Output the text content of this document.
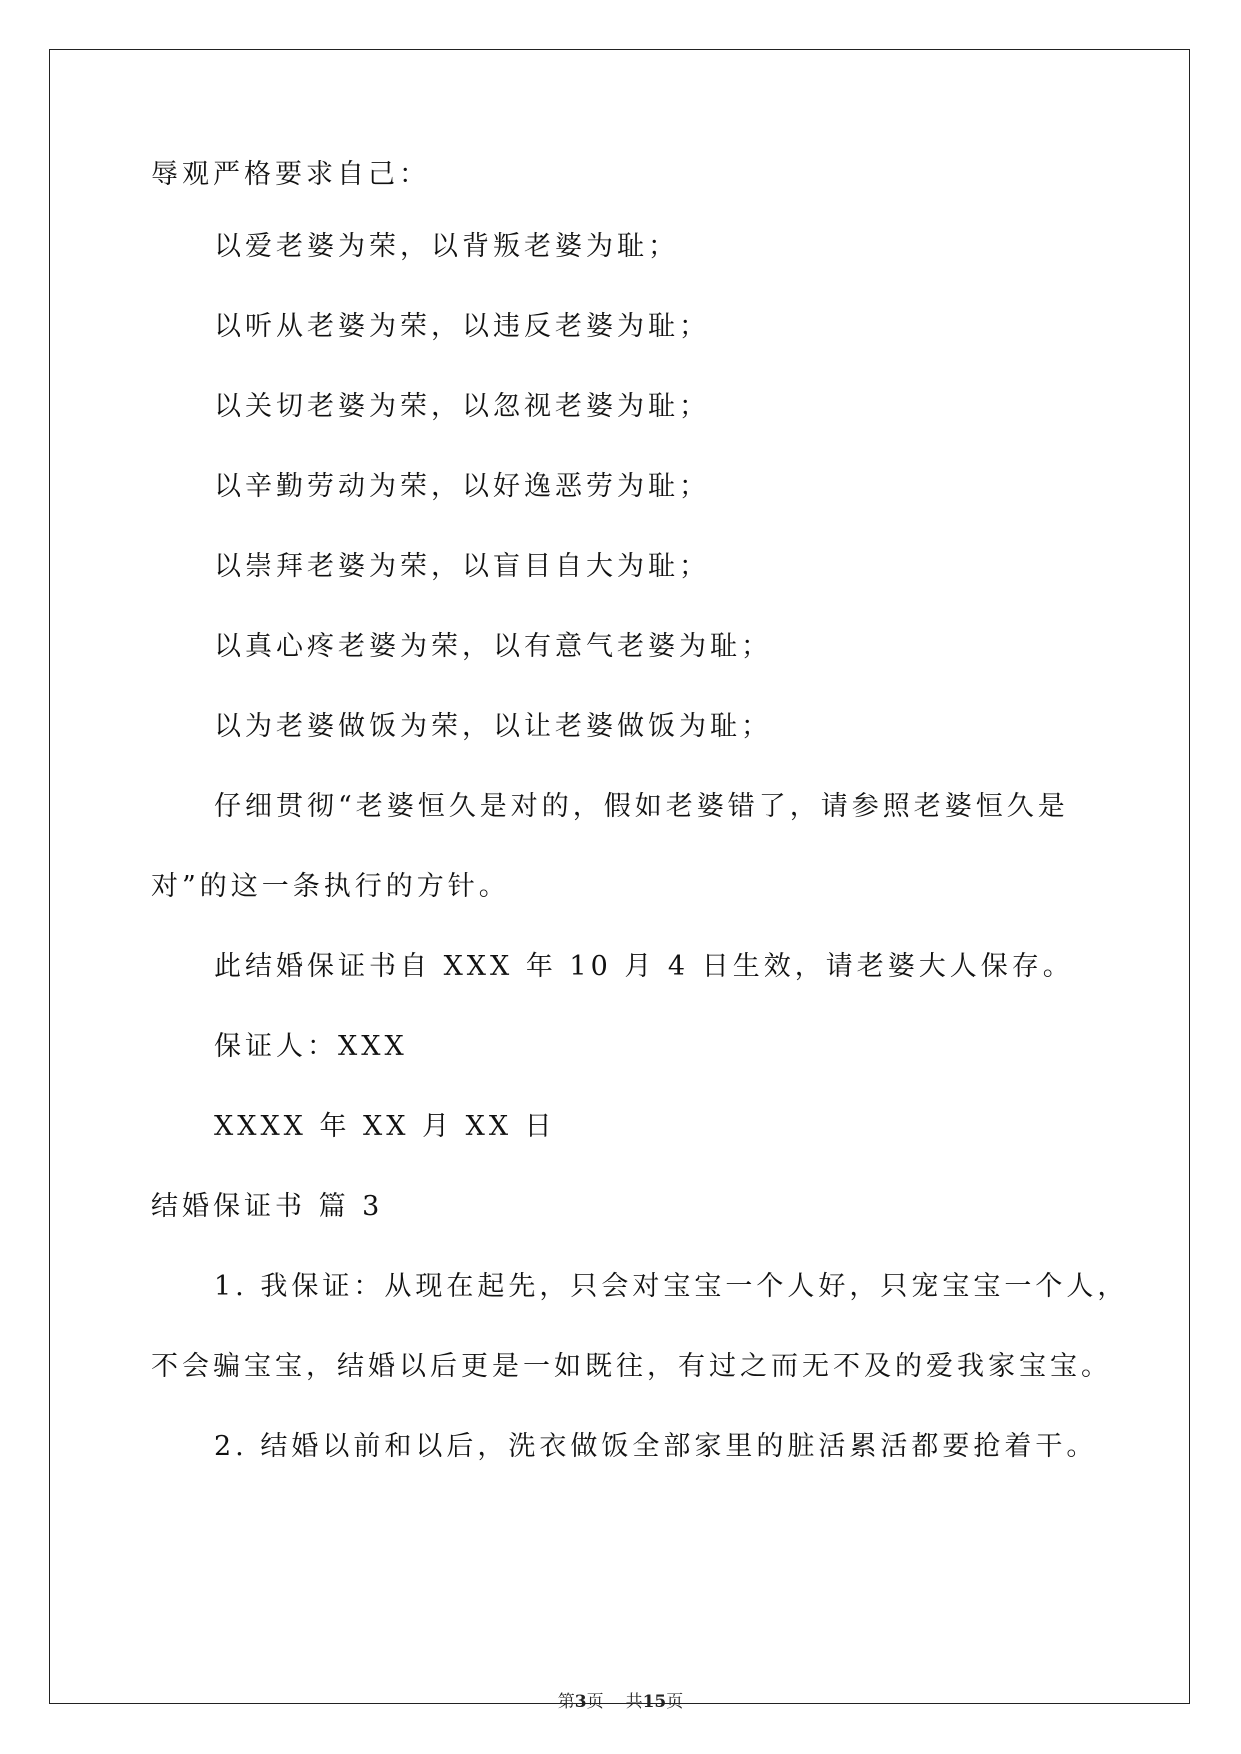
辱观严格要求自己：
以爱老婆为荣，以背叛老婆为耻；
以听从老婆为荣，以违反老婆为耻；
以关切老婆为荣，以忽视老婆为耻；
以辛勤劳动为荣，以好逸恶劳为耻；
以崇拜老婆为荣，以盲目自大为耻；
以真心疼老婆为荣，以有意气老婆为耻；
以为老婆做饭为荣，以让老婆做饭为耻；
仔细贯彻“老婆恒久是对的，假如老婆错了，请参照老婆恒久是
对”的这一条执行的方针。
此结婚保证书自 XXX 年 10 月 4 日生效，请老婆大人保存。
保证人：XXX
XXXX 年 XX 月 XX 日
结婚保证书 篇 3
1. 我保证：从现在起先，只会对宝宝一个人好，只宠宝宝一个人，
不会骗宝宝，结婚以后更是一如既往，有过之而无不及的爱我家宝宝。
2. 结婚以前和以后，洗衣做饭全部家里的脏活累活都要抢着干。
第3页 共15页
